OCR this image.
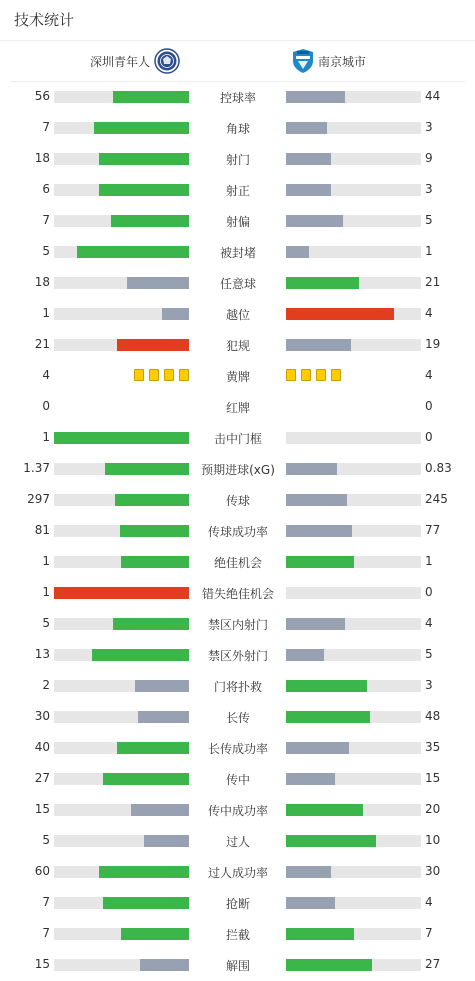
技术统计
深圳青年人	南京城市
56	控球率	44
7	角球	3
18	射门	9
6	射正	3
7	射偏	5
5	被封堵	1
18	任意球	21
1	越位	4
21	犯规	19
4	黄牌	4
0	红牌	0
1	击中门框	0
1.37	预期进球(xG)	0.83
297	传球	245
81	传球成功率	77
1	绝佳机会	1
1	错失绝佳机会	0
5	禁区内射门	4
13	禁区外射门	5
2	门将扑救	3
30	长传	48
40	长传成功率	35
27	传中	15
15	传中成功率	20
5	过人	10
60	过人成功率	30
7	抢断	4
7	拦截	7
15	解围	27
